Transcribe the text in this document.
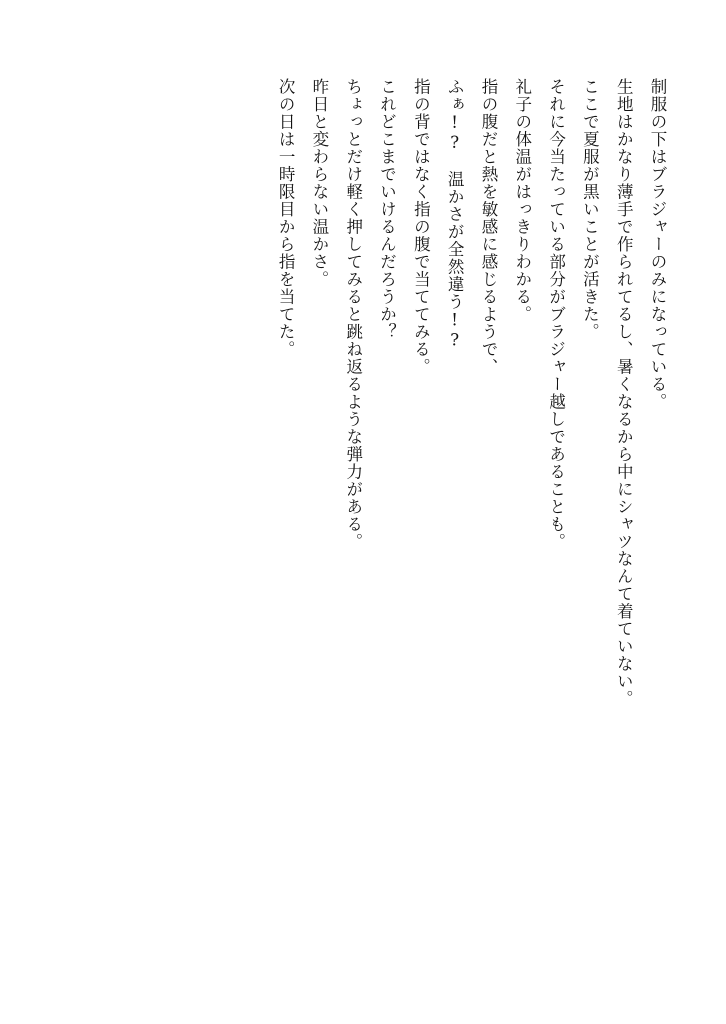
制服の下はブラジャーのみになっている。

生地はかなり薄手で作られてるし、暑くなるから中にシャツなんて着ていない。

ここで夏服が黒いことが活きた。

それに今当たっている部分がブラジャー越しであることも。

礼子の体温がはっきりわかる。

指の腹だと熱を敏感に感じるようで、

ふぁ!?　温かさが全然違う!?

指の背ではなく指の腹で当ててみる。

これどこまでいけるんだろうか？

ちょっとだけ軽く押してみると跳ね返るような弾力がある。

昨日と変わらない温かさ。

次の日は一時限目から指を当てた。
